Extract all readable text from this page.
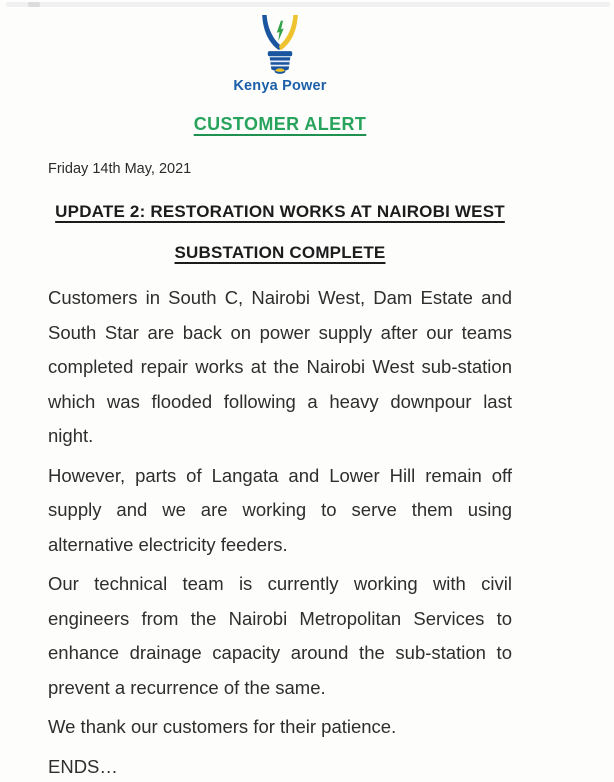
Kenya Power
CUSTOMER ALERT

Friday 14th May, 2021

UPDATE 2: RESTORATION WORKS AT NAIROBI WEST
SUBSTATION COMPLETE

Customers in South C, Nairobi West, Dam Estate and South Star are back on power supply after our teams completed repair works at the Nairobi West sub-station which was flooded following a heavy downpour last night.

However, parts of Langata and Lower Hill remain off supply and we are working to serve them using alternative electricity feeders.

Our technical team is currently working with civil engineers from the Nairobi Metropolitan Services to enhance drainage capacity around the sub-station to prevent a recurrence of the same.

We thank our customers for their patience.

ENDS…
